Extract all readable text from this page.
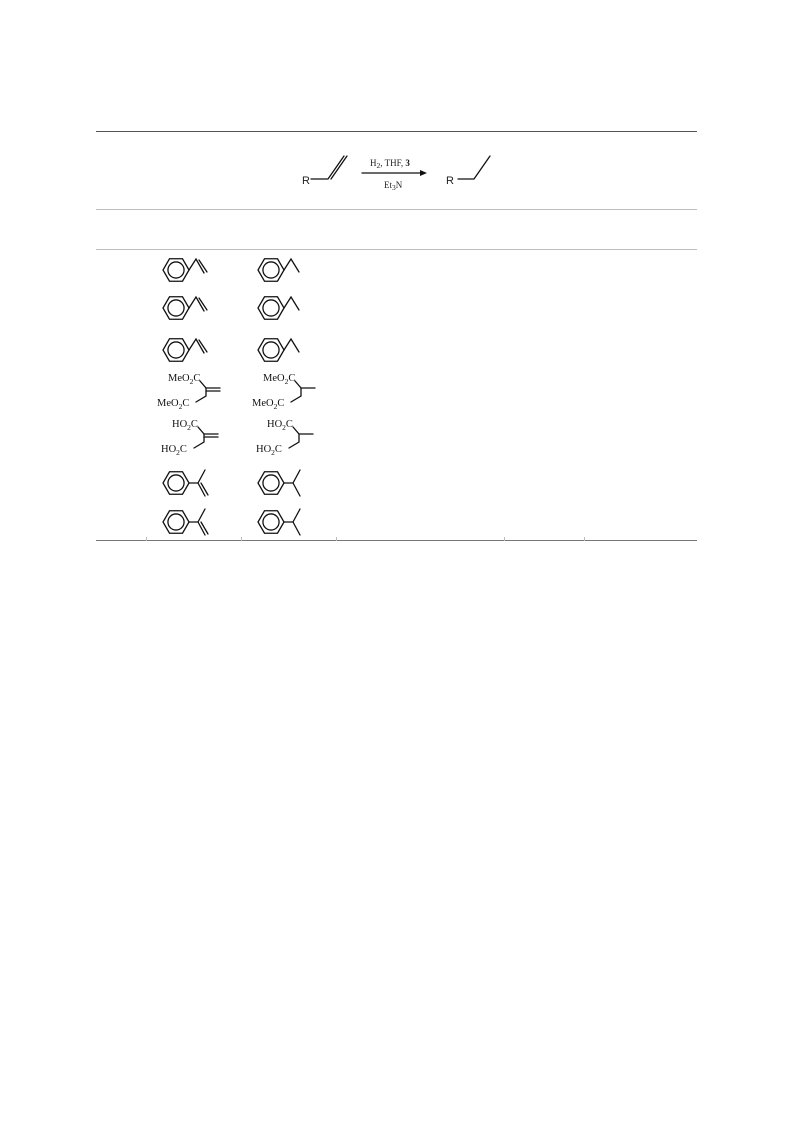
R
$H_2$, THF, 3
$Et_3N$	R
MeO$_2$C
MeO$_2$C
MeO$_2$C
MeO$_2$C
$HO_2C$
$HO_2C$
$HO_2C$
$HO_2C$
